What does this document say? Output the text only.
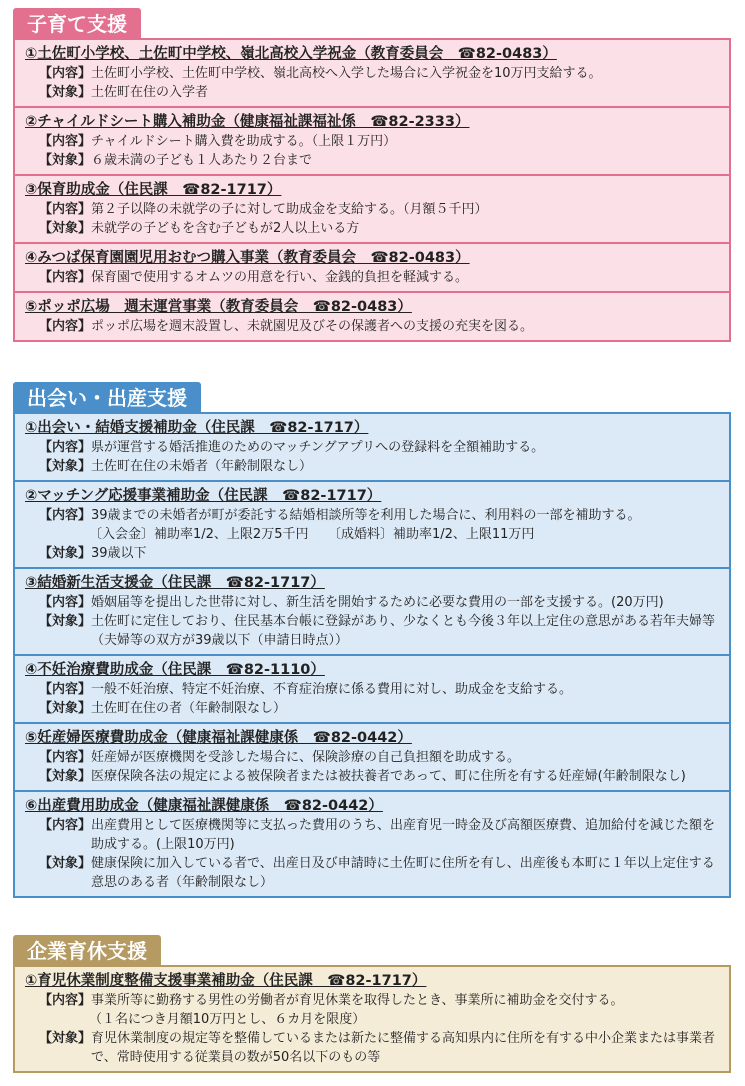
子育て支援
①土佐町小学校、土佐町中学校、嶺北高校入学祝金（教育委員会　☎82-0483）
【内容】 土佐町小学校、土佐町中学校、嶺北高校へ入学した場合に入学祝金を10万円支給する。
【対象】 土佐町在住の入学者
②チャイルドシート購入補助金（健康福祉課福祉係　☎82-2333）
【内容】 チャイルドシート購入費を助成する。（上限１万円）
【対象】 ６歳未満の子ども１人あたり２台まで
③保育助成金（住民課　☎82-1717）
【内容】 第２子以降の未就学の子に対して助成金を支給する。（月額５千円）
【対象】 未就学の子どもを含む子どもが2人以上いる方
④みつば保育園園児用おむつ購入事業（教育委員会　☎82-0483）
【内容】 保育園で使用するオムツの用意を行い、金銭的負担を軽減する。
⑤ポッポ広場　週末運営事業（教育委員会　☎82-0483）
【内容】 ポッポ広場を週末設置し、未就園児及びその保護者への支援の充実を図る。
出会い・出産支援
①出会い・結婚支援補助金（住民課　☎82-1717）
【内容】 県が運営する婚活推進のためのマッチングアプリへの登録料を全額補助する。
【対象】 土佐町在住の未婚者（年齢制限なし）
②マッチング応援事業補助金（住民課　☎82-1717）
【内容】 39歳までの未婚者が町が委託する結婚相談所等を利用した場合に、利用料の一部を補助する。
〔入会金〕補助率1/2、上限2万5千円　　〔成婚料〕補助率1/2、上限11万円
【対象】 39歳以下
③結婚新生活支援金（住民課　☎82-1717）
【内容】 婚姻届等を提出した世帯に対し、新生活を開始するために必要な費用の一部を支援する。(20万円)
【対象】 土佐町に定住しており、住民基本台帳に登録があり、少なくとも今後３年以上定住の意思がある若年夫婦等（夫婦等の双方が39歳以下（申請日時点））
④不妊治療費助成金（住民課　☎82-1110）
【内容】 一般不妊治療、特定不妊治療、不育症治療に係る費用に対し、助成金を支給する。
【対象】 土佐町在住の者（年齢制限なし）
⑤妊産婦医療費助成金（健康福祉課健康係　☎82-0442）
【内容】 妊産婦が医療機関を受診した場合に、保険診療の自己負担額を助成する。
【対象】 医療保険各法の規定による被保険者または被扶養者であって、町に住所を有する妊産婦(年齢制限なし)
⑥出産費用助成金（健康福祉課健康係　☎82-0442）
【内容】 出産費用として医療機関等に支払った費用のうち、出産育児一時金及び高額医療費、追加給付を減じた額を助成する。(上限10万円)
【対象】 健康保険に加入している者で、出産日及び申請時に土佐町に住所を有し、出産後も本町に１年以上定住する意思のある者（年齢制限なし）
企業育休支援
①育児休業制度整備支援事業補助金（住民課　☎82-1717）
【内容】 事業所等に勤務する男性の労働者が育児休業を取得したとき、事業所に補助金を交付する。
（１名につき月額10万円とし、６カ月を限度）
【対象】 育児休業制度の規定等を整備しているまたは新たに整備する高知県内に住所を有する中小企業または事業者で、常時使用する従業員の数が50名以下のもの等
